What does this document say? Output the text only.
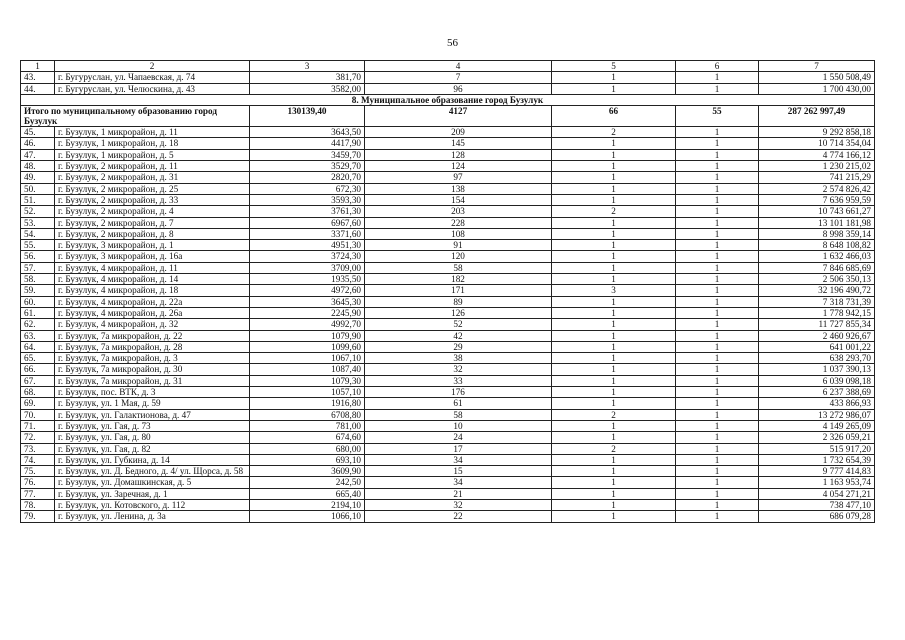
56
1	2	3	4	5	6	7
43.	г. Бугуруслан, ул. Чапаевская, д. 74	381,70	7	1	1	1 550 508,49
44.	г. Бугуруслан, ул. Челюскина, д. 43	3582,00	96	1	1	1 700 430,00
8. Муниципальное образование город Бузулук						
Итого по муниципальному образованию город Бузулук		130139,40	4127	66	55	287 262 997,49
45.	г. Бузулук, 1 микрорайон, д. 11	3643,50	209	2	1	9 292 858,18
46.	г. Бузулук, 1 микрорайон, д. 18	4417,90	145	1	1	10 714 354,04
47.	г. Бузулук, 1 микрорайон, д. 5	3459,70	128	1	1	4 774 166,12
48.	г. Бузулук, 2 микрорайон, д. 11	3529,70	124	1	1	1 230 215,02
49.	г. Бузулук, 2 микрорайон, д. 31	2820,70	97	1	1	741 215,29
50.	г. Бузулук, 2 микрорайон, д. 25	672,30	138	1	1	2 574 826,42
51.	г. Бузулук, 2 микрорайон, д. 33	3593,30	154	1	1	7 636 959,59
52.	г. Бузулук, 2 микрорайон, д. 4	3761,30	203	2	1	10 743 661,27
53.	г. Бузулук, 2 микрорайон, д. 7	6967,60	228	1	1	13 101 181,98
54.	г. Бузулук, 2 микрорайон, д. 8	3371,60	108	1	1	8 998 359,14
55.	г. Бузулук, 3 микрорайон, д. 1	4951,30	91	1	1	8 648 108,82
56.	г. Бузулук, 3 микрорайон, д. 16а	3724,30	120	1	1	1 632 466,03
57.	г. Бузулук, 4 микрорайон, д. 11	3709,00	58	1	1	7 846 685,69
58.	г. Бузулук, 4 микрорайон, д. 14	1935,50	182	1	1	2 506 350,13
59.	г. Бузулук, 4 микрорайон, д. 18	4972,60	171	3	1	32 196 490,72
60.	г. Бузулук, 4 микрорайон, д. 22а	3645,30	89	1	1	7 318 731,39
61.	г. Бузулук, 4 микрорайон, д. 26а	2245,90	126	1	1	1 778 942,15
62.	г. Бузулук, 4 микрорайон, д. 32	4992,70	52	1	1	11 727 855,34
63.	г. Бузулук, 7а микрорайон, д. 22	1079,90	42	1	1	2 460 926,67
64.	г. Бузулук, 7а микрорайон, д. 28	1099,60	29	1	1	641 001,22
65.	г. Бузулук, 7а микрорайон, д. 3	1067,10	38	1	1	638 293,70
66.	г. Бузулук, 7а микрорайон, д. 30	1087,40	32	1	1	1 037 390,13
67.	г. Бузулук, 7а микрорайон, д. 31	1079,30	33	1	1	6 039 098,18
68.	г. Бузулук, пос. ВТК, д. 3	1057,10	176	1	1	6 237 388,69
69.	г. Бузулук, ул. 1 Мая, д. 59	1916,80	61	1	1	433 866,93
70.	г. Бузулук, ул. Галактионова, д. 47	6708,80	58	2	1	13 272 986,07
71.	г. Бузулук, ул. Гая, д. 73	781,00	10	1	1	4 149 265,09
72.	г. Бузулук, ул. Гая, д. 80	674,60	24	1	1	2 326 059,21
73.	г. Бузулук, ул. Гая, д. 82	680,00	17	2	1	515 917,20
74.	г. Бузулук, ул. Губкина, д. 14	693,10	34	1	1	1 732 654,39
75.	г. Бузулук, ул. Д. Бедного, д. 4/ ул. Щорса, д. 58	3609,90	15	1	1	9 777 414,83
76.	г. Бузулук, ул. Домашкинская, д. 5	242,50	34	1	1	1 163 953,74
77.	г. Бузулук, ул. Заречная, д. 1	665,40	21	1	1	4 054 271,21
78.	г. Бузулук, ул. Котовского, д. 112	2194,10	32	1	1	738 477,10
79.	г. Бузулук, ул. Ленина, д. 3а	1066,10	22	1	1	686 079,28
